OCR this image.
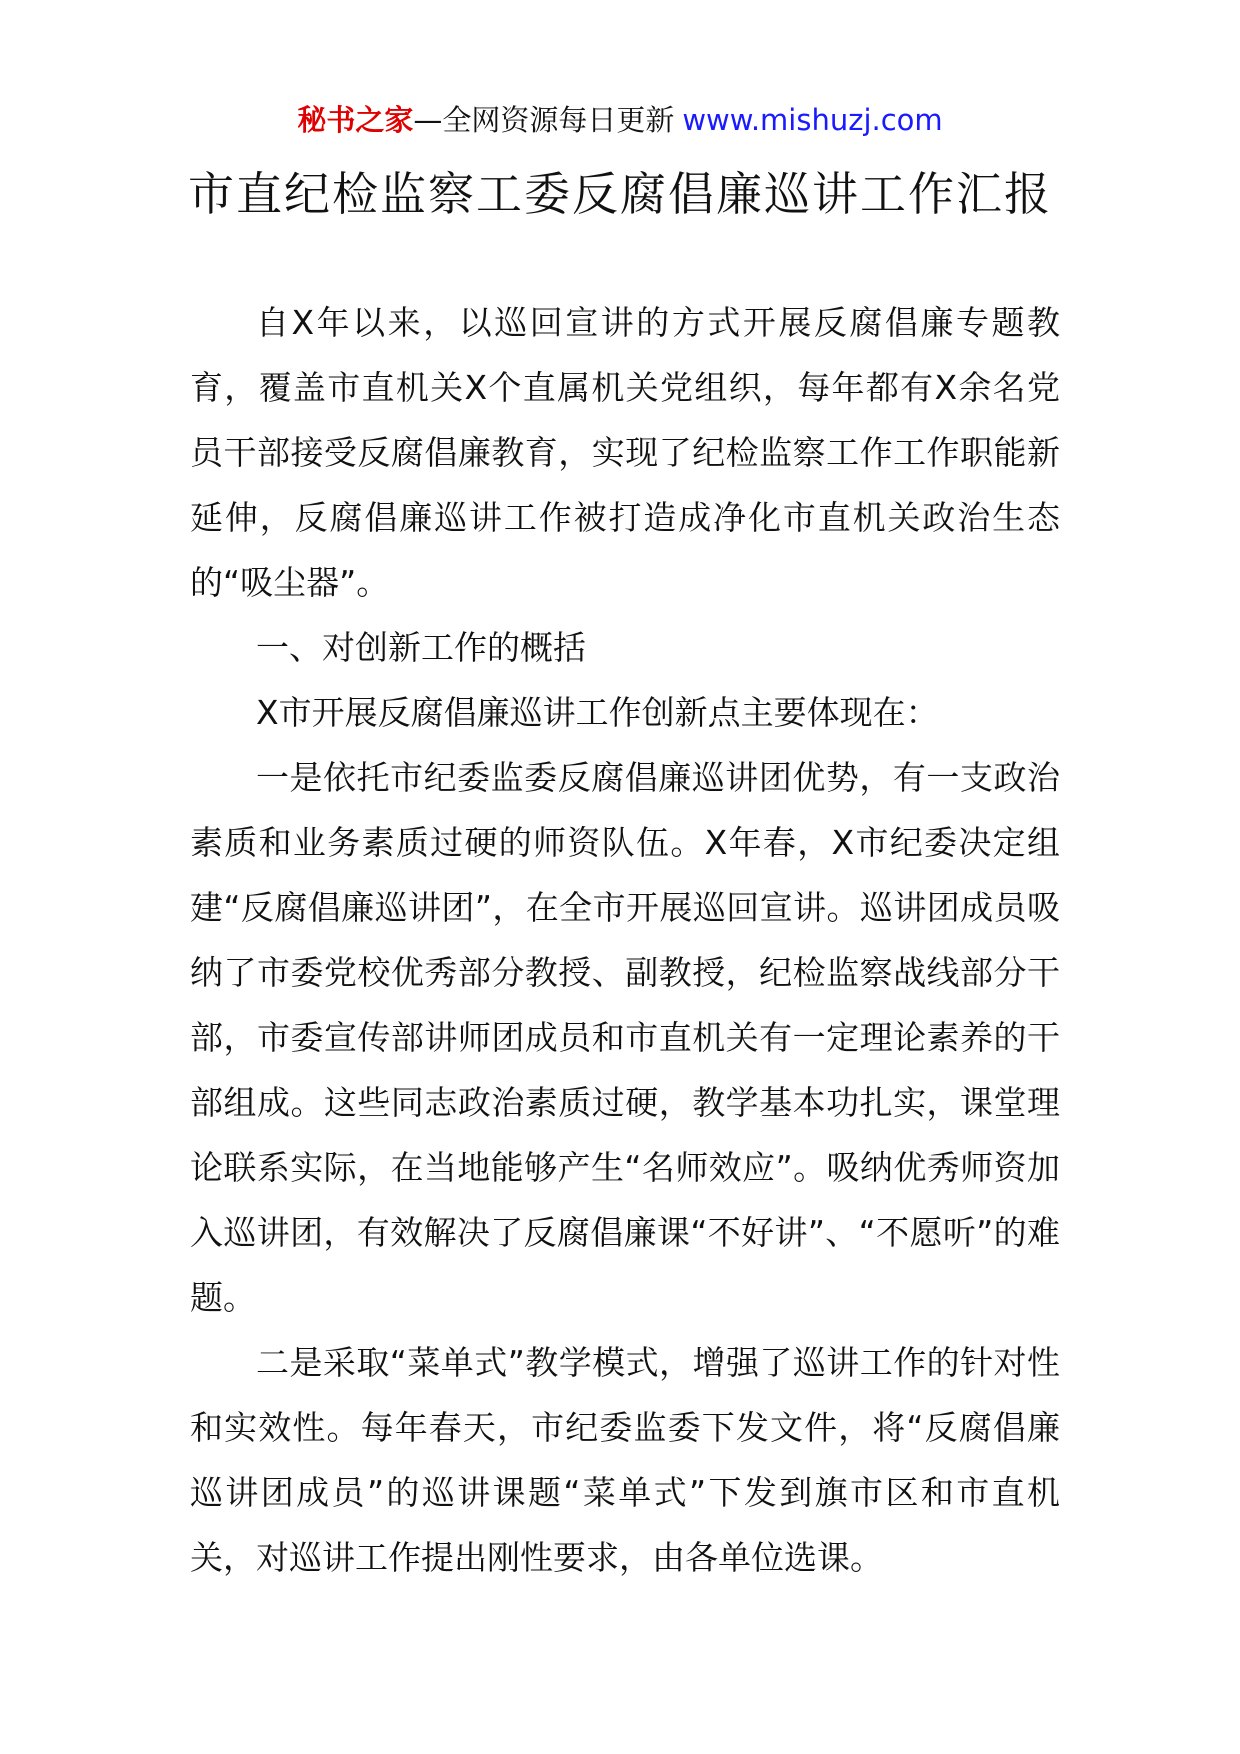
秘书之家—全网资源每日更新 www.mishuzj.com
市直纪检监察工委反腐倡廉巡讲工作汇报

自X年以来，以巡回宣讲的方式开展反腐倡廉专题教育，覆盖市直机关X个直属机关党组织，每年都有X余名党员干部接受反腐倡廉教育，实现了纪检监察工作工作职能新延伸，反腐倡廉巡讲工作被打造成净化市直机关政治生态的“吸尘器”。

一、对创新工作的概括

X市开展反腐倡廉巡讲工作创新点主要体现在：

一是依托市纪委监委反腐倡廉巡讲团优势，有一支政治素质和业务素质过硬的师资队伍。X年春，X市纪委决定组建“反腐倡廉巡讲团”，在全市开展巡回宣讲。巡讲团成员吸纳了市委党校优秀部分教授、副教授，纪检监察战线部分干部，市委宣传部讲师团成员和市直机关有一定理论素养的干部组成。这些同志政治素质过硬，教学基本功扎实，课堂理论联系实际，在当地能够产生“名师效应”。吸纳优秀师资加入巡讲团，有效解决了反腐倡廉课“不好讲”、“不愿听”的难题。

二是采取“菜单式”教学模式，增强了巡讲工作的针对性和实效性。每年春天，市纪委监委下发文件，将“反腐倡廉巡讲团成员”的巡讲课题“菜单式”下发到旗市区和市直机关，对巡讲工作提出刚性要求，由各单位选课。
